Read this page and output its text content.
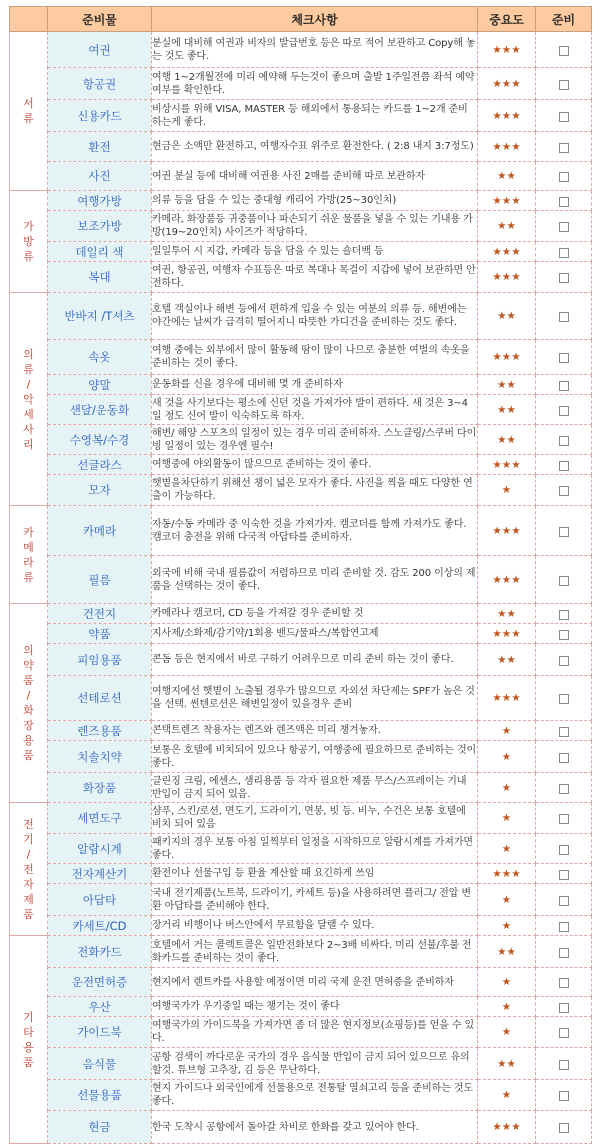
	준비물	체크사항	중요도	준비
서류	여권	분실에 대비해 여권과 비자의 발급번호 등은 따로 적어 보관하고 Copy해 놓는 것도 좋다.	★★★	
	항공권	여행 1~2개월전에 미리 예약해 두는것이 좋으며 출발 1주일전쯤 좌석 예약여부를 확인한다.	★★★	
	신용카드	비상시를 위해 VISA, MASTER 등 해외에서 통용되는 카드를 1~2개 준비하는게 좋다.	★★★	
	환전	현금은 소액만 환전하고, 여행자수표 위주로 환전한다. ( 2:8 내지 3:7정도)	★★★	
	사진	여권 분실 등에 대비해 여권용 사진 2매를 준비해 따로 보관하자	★★	
가방류	여행가방	의류 등을 담을 수 있는 중대형 캐리어 가방(25~30인치)	★★★	
	보조가방	카메라, 화장품등 귀중품이나 파손되기 쉬운 물품을 넣을 수 있는 기내용 가방(19~20인치) 사이즈가 적당하다.	★★	
	데일리 색	일일투어 시 지갑, 카메라 등을 담을 수 있는 숄더백 등	★★★	
	복대	여권, 항공권, 여행자 수표등은 따로 복대나 목걸이 지갑에 넣어 보관하면 안전하다.	★★★	
의류 / 악세사리	반바지 /T셔츠	호텔 객실이나 해변 등에서 편하게 입을 수 있는 여분의 의류 등. 해변에는 야간에는 날씨가 급격히 떨어지니 따뜻한 가디건을 준비하는 것도 좋다.	★★	
	속옷	여행 중에는 외부에서 많이 활동해 땀이 많이 나므로 충분한 여벌의 속옷을 준비하는 것이 좋다.	★★★	
	양말	운동화를 신을 경우에 대비해 몇 개 준비하자	★★	
	샌달/운동화	새 것을 사기보다는 평소에 신던 것을 가져가야 발이 편하다. 새 것은 3~4일 정도 신어 발이 익숙하도록 하자.	★★	
	수영복/수경	해변/ 해양 스포츠의 일정이 있는 경우 미리 준비하자. 스노클링/스쿠버 다이빙 일정이 있는 경우엔 필수!	★★	
	선글라스	여행중에 야외활동이 많으므로 준비하는 것이 좋다.	★★★	
	모자	햇볕을차단하기 위해선 챙이 넓은 모자가 좋다. 사진을 찍을 때도 다양한 연출이 가능하다.	★	
카메라류	카메라	자동/수동 카메라 중 익숙한 것을 가져가자. 캠코더를 함께 가져가도 좋다. 캠코더 충전을 위해 다국적 아답타를 준비하자.	★★★	
	필름	외국에 비해 국내 필름값이 저렴하므로 미리 준비할 것. 감도 200 이상의 제품을 선택하는 것이 좋다.	★★★	
의약품 / 화장용품	건전지	카메라나 캠코더, CD 등을 가져갈 경우 준비할 것	★★	
	약품	지사제/소화제/감기약/1회용 밴드/물파스/복합연고제	★★★	
	피임용품	콘돔 등은 현지에서 바로 구하기 어려우므로 미리 준비 하는 것이 좋다.	★★	
	선테로션	여행지에선 햇볕이 노출될 경우가 많으므로 자외선 차단제는 SPF가 높은 것을 선택. 썬텐로션은 해변일정이 있을경우 준비	★★★	
	렌즈용품	콘택트렌즈 착용자는 렌즈와 렌즈액은 미리 챙겨놓자.	★	
	치솔치약	보통은 호텔에 비치되어 있으나 항공기, 여행중에 필요하므로 준비하는 것이 좋다.	★	
	화장품	클린징 크림, 에센스, 샘리용품 등 각자 필요한 제품 무스/스프레이는 기내 반입이 금지 되어 있음.	★	
전기 / 전자제품	세면도구	샴푸, 스킨/로션, 면도기, 드라이기, 면봉, 빗 등. 비누, 수건은 보통 호텔에 비치 되어 있음	★	
	알람시계	패키지의 경우 보통 아침 일찍부터 일정을 시작하므로 알람시계를 가져가면 좋다.	★	
	전자계산기	환전이나 선물구입 등 환율 계산할 때 요긴하게 쓰임	★★★	
	아답타	국내 전기제품(노트북, 드라이기, 카세트 등)을 사용하려면 플러그/ 전압 변환 아답타를 준비해야 한다.	★	
	카세트/CD	장거리 비행이나 버스안에서 무료함을 달랠 수 있다.	★	
기타용품	전화카드	호텔에서 거는 콜렉트콜은 일반전화보다 2~3배 비싸다. 미리 선불/후불 전화카드를 준비하는 것이 좋다.	★★	
	운전면허증	현지에서 렌트카를 사용할 예정이면 미리 국제 운전 면허증을 준비하자	★	
	우산	여행국가가 우기중일 때는 챙기는 것이 좋다	★	
	가이드북	여행국가의 가이드북을 가져가면 좀 더 많은 현지정보(쇼핑등)를 얻을 수 있다.	★	
	음식물	공항 검색이 까다로운 국가의 경우 음식물 반입이 금지 되어 있으므로 유의할것. 튜브형 고추장, 김 등은 무난하다.	★★	
	선물용품	현지 가이드나 외국인에게 선물용으로 전통탈 열쇠고리 등을 준비하는 것도 좋다.	★	
	현금	한국 도착시 공항에서 돌아갈 차비로 한화를 갖고 있어야 한다.	★★★	
